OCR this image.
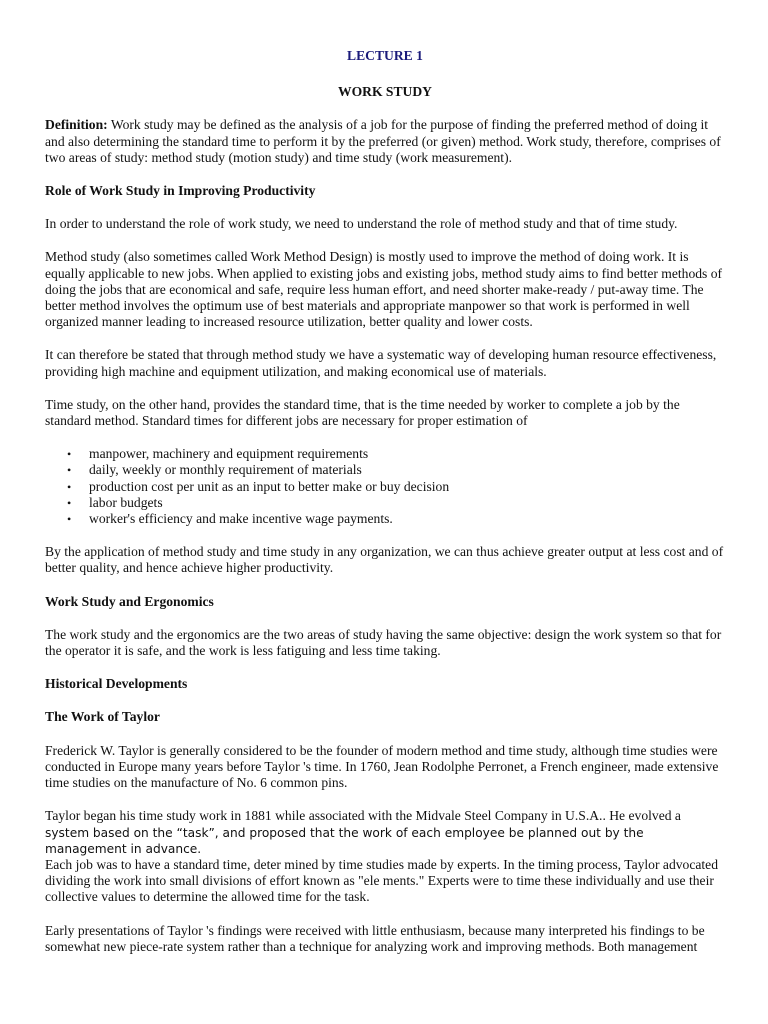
LECTURE 1

WORK STUDY

Definition: Work study may be defined as the analysis of a job for the purpose of finding the preferred method of doing it and also determining the standard time to perform it by the preferred (or given) method. Work study, therefore, comprises of two areas of study: method study (motion study) and time study (work measurement).

Role of Work Study in Improving Productivity

In order to understand the role of work study, we need to understand the role of method study and that of time study.

Method study (also sometimes called Work Method Design) is mostly used to improve the method of doing work. It is equally applicable to new jobs. When applied to existing jobs and existing jobs, method study aims to find better methods of doing the jobs that are economical and safe, require less human effort, and need shorter make-ready / put-away time. The better method involves the optimum use of best materials and appropriate manpower so that work is performed in well organized manner leading to increased resource utilization, better quality and lower costs.

It can therefore be stated that through method study we have a systematic way of developing human resource effectiveness, providing high machine and equipment utilization, and making economical use of materials.

Time study, on the other hand, provides the standard time, that is the time needed by worker to complete a job by the standard method. Standard times for different jobs are necessary for proper estimation of

• manpower, machinery and equipment requirements
• daily, weekly or monthly requirement of materials
• production cost per unit as an input to better make or buy decision
• labor budgets
• worker's efficiency and make incentive wage payments.

By the application of method study and time study in any organization, we can thus achieve greater output at less cost and of better quality, and hence achieve higher productivity.

Work Study and Ergonomics

The work study and the ergonomics are the two areas of study having the same objective: design the work system so that for the operator it is safe, and the work is less fatiguing and less time taking.

Historical Developments

The Work of Taylor

Frederick W. Taylor is generally considered to be the founder of modern method and time study, although time studies were conducted in Europe many years before Taylor 's time. In 1760, Jean Rodolphe Perronet, a French engineer, made extensive time studies on the manufacture of No. 6 common pins.

Taylor began his time study work in 1881 while associated with the Midvale Steel Company in U.S.A.. He evolved a
system based on the “task”, and proposed that the work of each employee be planned out by the management in advance.
Each job was to have a standard time, deter mined by time studies made by experts. In the timing process, Taylor advocated dividing the work into small divisions of effort known as "ele ments." Experts were to time these individually and use their collective values to determine the allowed time for the task.

Early presentations of Taylor 's findings were received with little enthusiasm, because many interpreted his findings to be somewhat new piece-rate system rather than a technique for analyzing work and improving methods. Both management
